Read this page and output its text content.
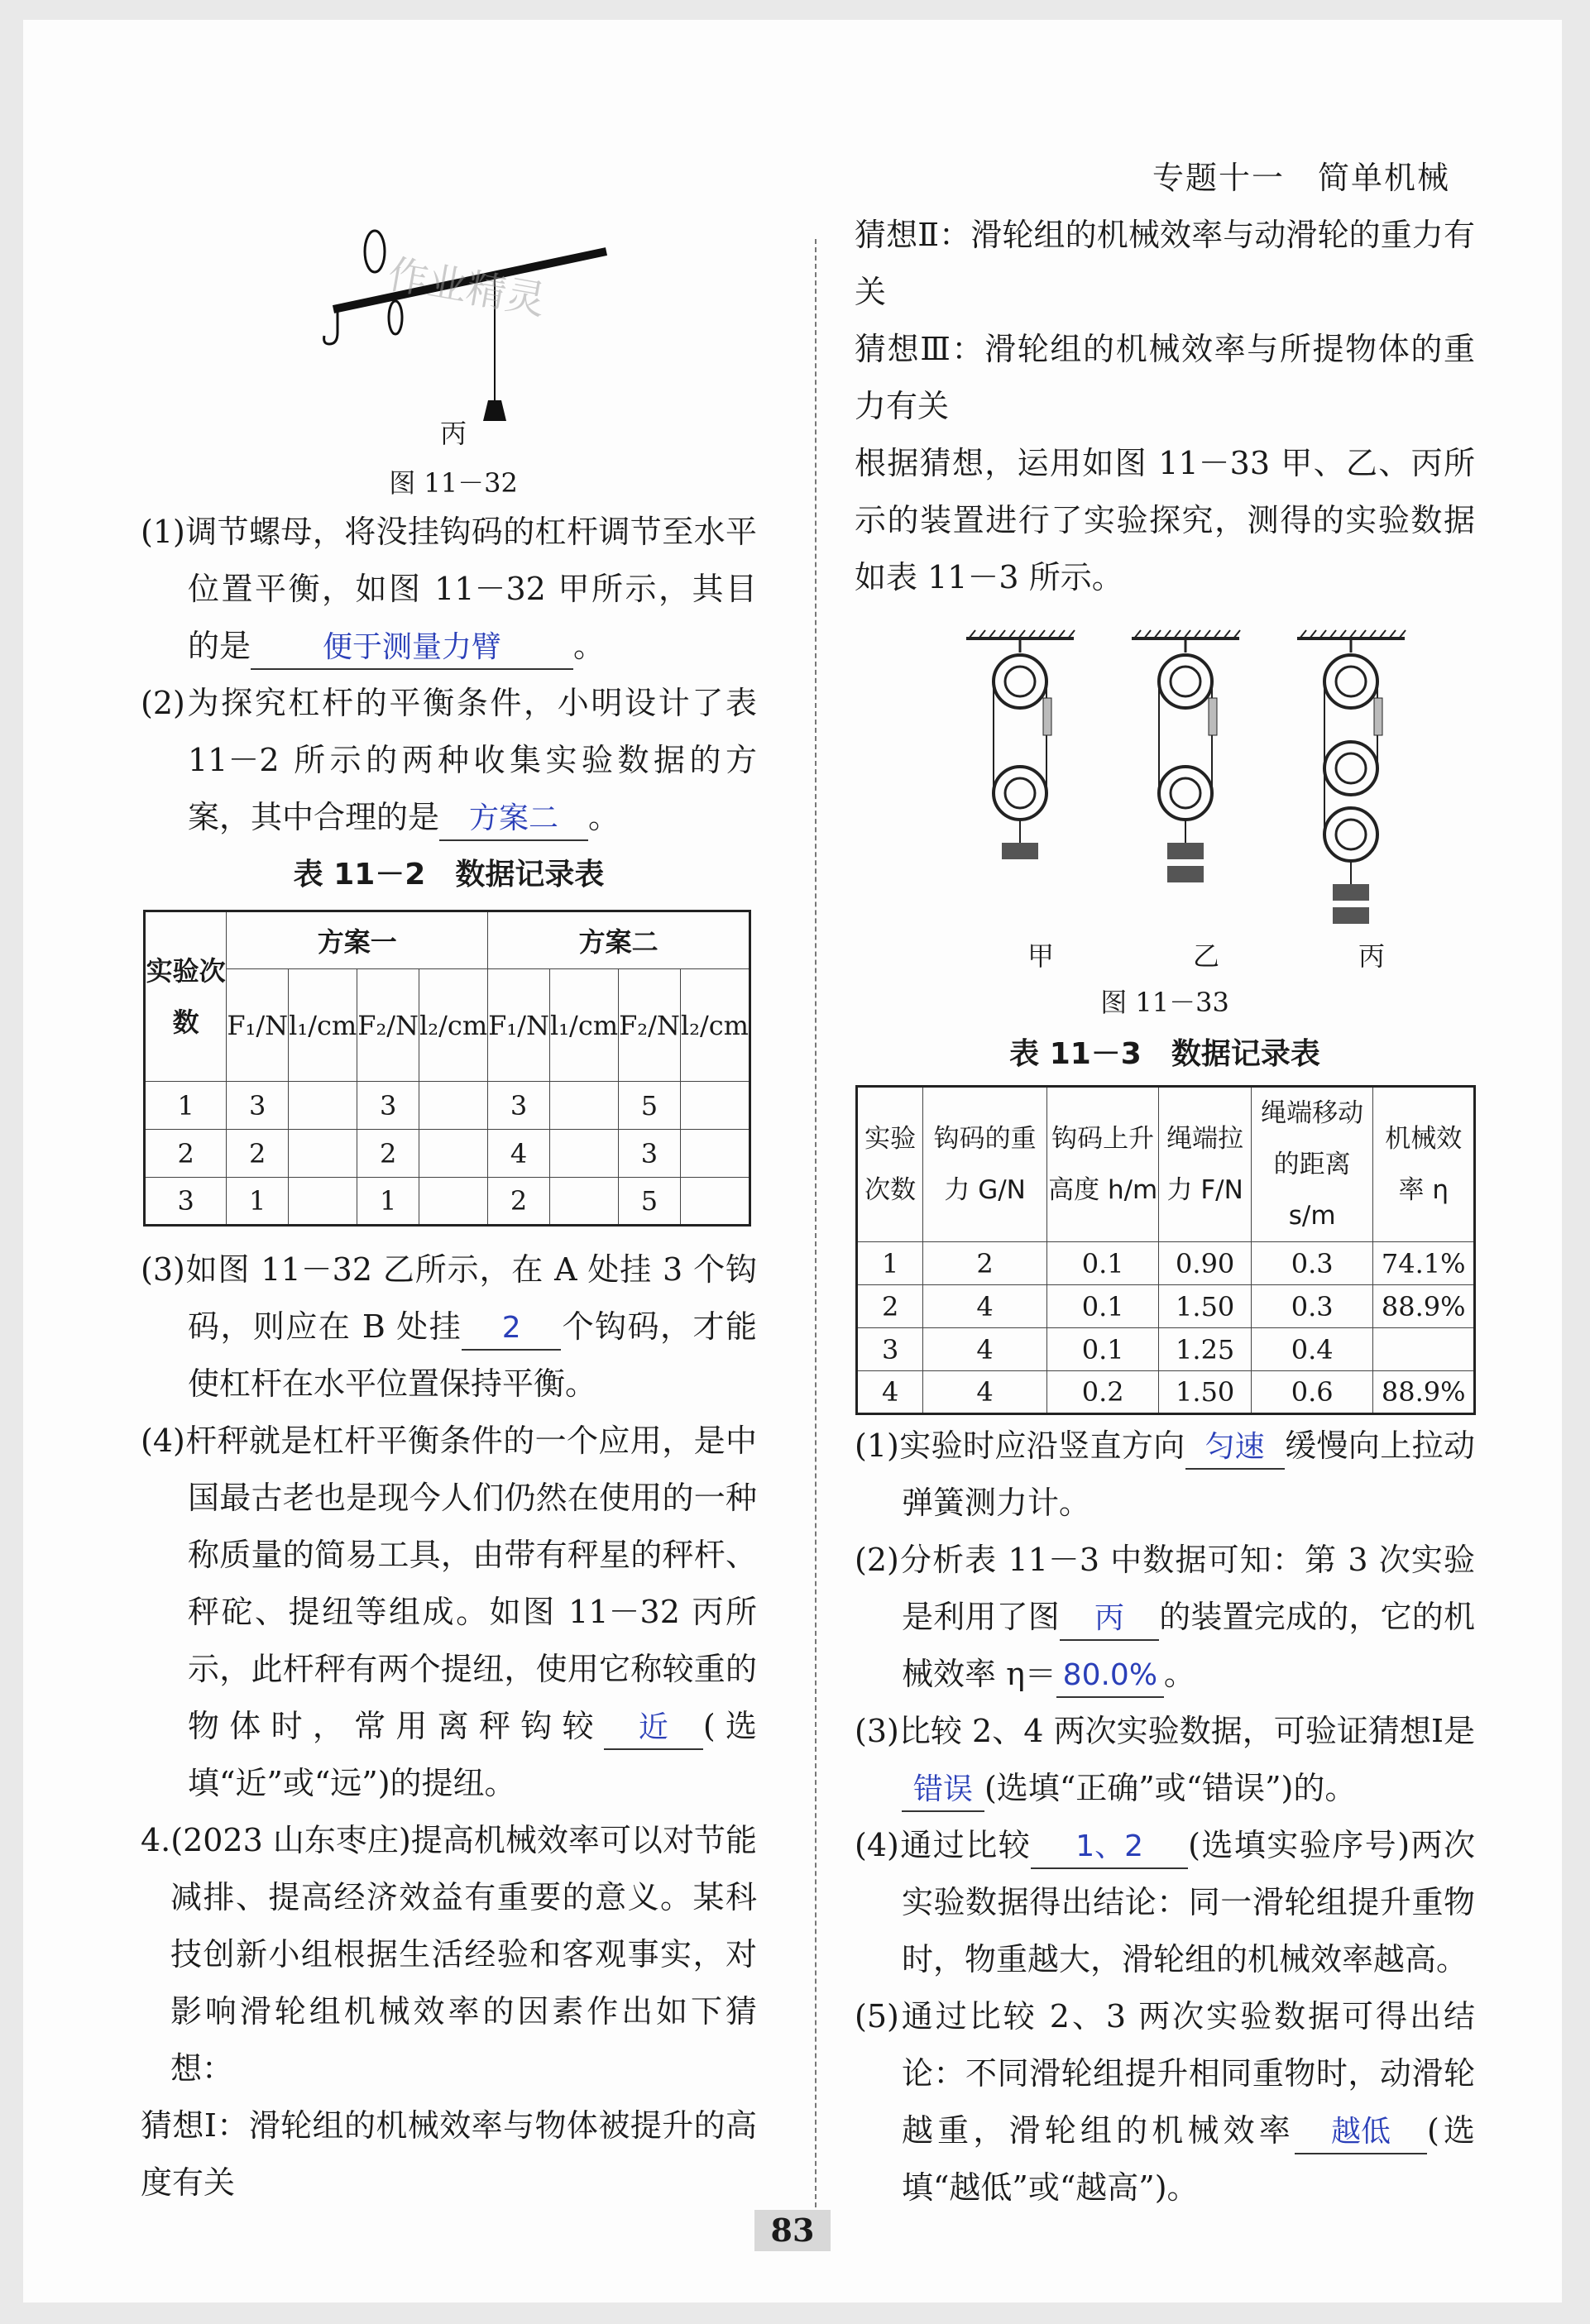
专题十一　简单机械
作业精灵
丙
图 11－32

(1)调节螺母，将没挂钩码的杠杆调节至水平位置平衡，如图 11－32 甲所示，其目的是 便于测量力臂 。

(2)为探究杠杆的平衡条件，小明设计了表 11－2 所示的两种收集实验数据的方案，其中合理的是 方案二 。

表 11－2　数据记录表
实验次数	方案一				方案二			
	F₁/N	l₁/cm	F₂/N	l₂/cm	F₁/N	l₁/cm	F₂/N	l₂/cm
1	3		3		3		5	
2	2		2		4		3	
3	1		1		2		5	

(3)如图 11－32 乙所示，在 A 处挂 3 个钩码，则应在 B 处挂 2 个钩码，才能使杠杆在水平位置保持平衡。

(4)杆秤就是杠杆平衡条件的一个应用，是中国最古老也是现今人们仍然在使用的一种称质量的简易工具，由带有秤星的秤杆、秤砣、提纽等组成。如图 11－32 丙所示，此杆秤有两个提纽，使用它称较重的物体时，常用离秤钩较 近 (选填“近”或“远”)的提纽。

4.(2023 山东枣庄)提高机械效率可以对节能减排、提高经济效益有重要的意义。某科技创新小组根据生活经验和客观事实，对影响滑轮组机械效率的因素作出如下猜想：

猜想Ⅰ：滑轮组的机械效率与物体被提升的高度有关

猜想Ⅱ：滑轮组的机械效率与动滑轮的重力有关

猜想Ⅲ：滑轮组的机械效率与所提物体的重力有关

根据猜想，运用如图 11－33 甲、乙、丙所示的装置进行了实验探究，测得的实验数据如表 11－3 所示。

甲	乙	丙
图 11－33
表 11－3　数据记录表
实验次数	钩码的重力 G/N	钩码上升高度 h/m	绳端拉力 F/N	绳端移动的距离 s/m	机械效率 η
1	2	0.1	0.90	0.3	74.1%
2	4	0.1	1.50	0.3	88.9%
3	4	0.1	1.25	0.4	
4	4	0.2	1.50	0.6	88.9%

(1)实验时应沿竖直方向 匀速 缓慢向上拉动弹簧测力计。

(2)分析表 11－3 中数据可知：第 3 次实验是利用了图 丙 的装置完成的，它的机械效率 η＝ 80.0% 。

(3)比较 2、4 两次实验数据，可验证猜想Ⅰ是错误 (选填“正确”或“错误”)的。

(4)通过比较 1、2 (选填实验序号)两次实验数据得出结论：同一滑轮组提升重物时，物重越大，滑轮组的机械效率越高。

(5)通过比较 2、3 两次实验数据可得出结论：不同滑轮组提升相同重物时，动滑轮越重，滑轮组的机械效率 越低 (选填“越低”或“越高”)。

83
